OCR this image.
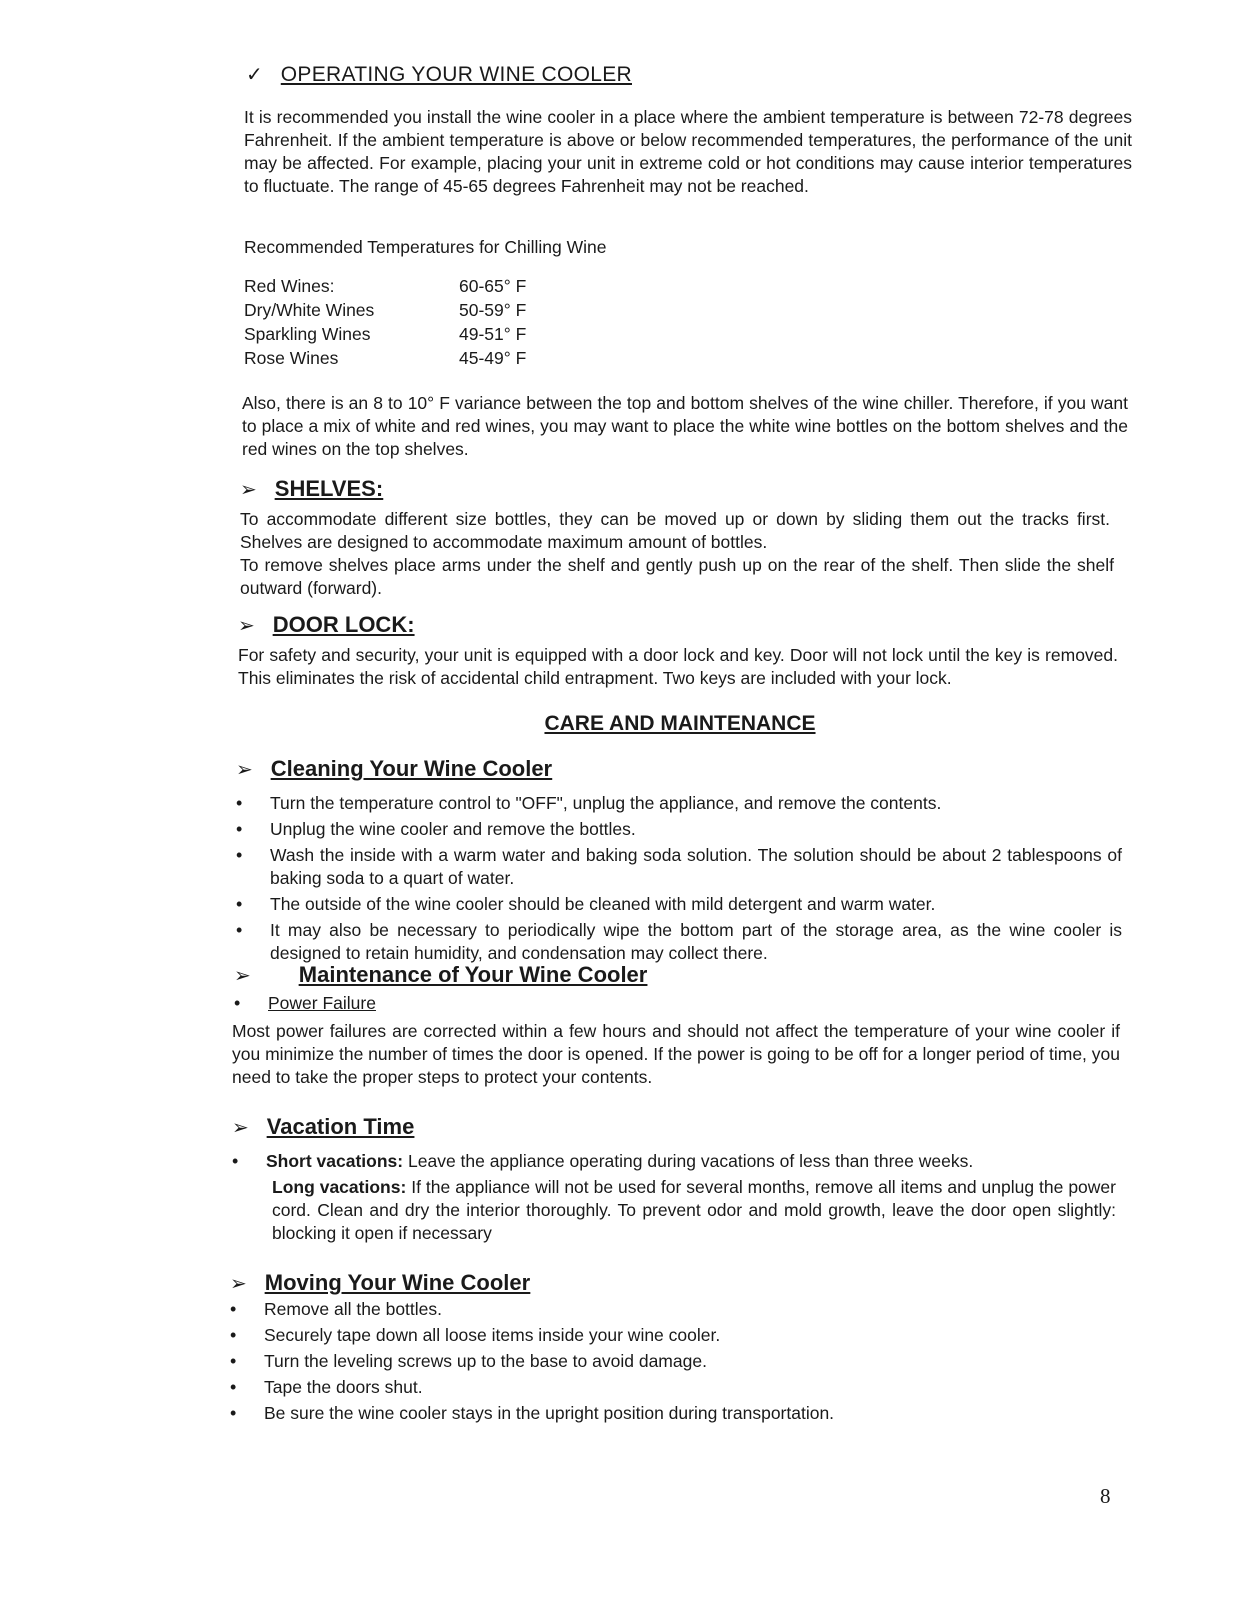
✓ OPERATING YOUR WINE COOLER
It is recommended you install the wine cooler in a place where the ambient temperature is between 72-78 degrees Fahrenheit. If the ambient temperature is above or below recommended temperatures, the performance of the unit may be affected. For example, placing your unit in extreme cold or hot conditions may cause interior temperatures to fluctuate. The range of 45-65 degrees Fahrenheit may not be reached.
Recommended Temperatures for Chilling Wine
Red Wines:	60-65° F
Dry/White Wines	50-59° F
Sparkling Wines	49-51° F
Rose Wines	45-49° F
Also, there is an 8 to 10° F variance between the top and bottom shelves of the wine chiller. Therefore, if you want to place a mix of white and red wines, you may want to place the white wine bottles on the bottom shelves and the red wines on the top shelves.
➢ SHELVES:
To accommodate different size bottles, they can be moved up or down by sliding them out the tracks first. Shelves are designed to accommodate maximum amount of bottles.
To remove shelves place arms under the shelf and gently push up on the rear of the shelf. Then slide the shelf outward (forward).
➢ DOOR LOCK:
For safety and security, your unit is equipped with a door lock and key. Door will not lock until the key is removed. This eliminates the risk of accidental child entrapment. Two keys are included with your lock.
CARE AND MAINTENANCE
➢ Cleaning Your Wine Cooler
• Turn the temperature control to "OFF", unplug the appliance, and remove the contents.
• Unplug the wine cooler and remove the bottles.
• Wash the inside with a warm water and baking soda solution. The solution should be about 2 tablespoons of baking soda to a quart of water.
• The outside of the wine cooler should be cleaned with mild detergent and warm water.
• It may also be necessary to periodically wipe the bottom part of the storage area, as the wine cooler is designed to retain humidity, and condensation may collect there.
➢ Maintenance of Your Wine Cooler
• Power Failure
Most power failures are corrected within a few hours and should not affect the temperature of your wine cooler if you minimize the number of times the door is opened. If the power is going to be off for a longer period of time, you need to take the proper steps to protect your contents.
➢ Vacation Time
• Short vacations: Leave the appliance operating during vacations of less than three weeks.
Long vacations: If the appliance will not be used for several months, remove all items and unplug the power cord. Clean and dry the interior thoroughly. To prevent odor and mold growth, leave the door open slightly: blocking it open if necessary
➢ Moving Your Wine Cooler
• Remove all the bottles.
• Securely tape down all loose items inside your wine cooler.
• Turn the leveling screws up to the base to avoid damage.
• Tape the doors shut.
• Be sure the wine cooler stays in the upright position during transportation.
8
